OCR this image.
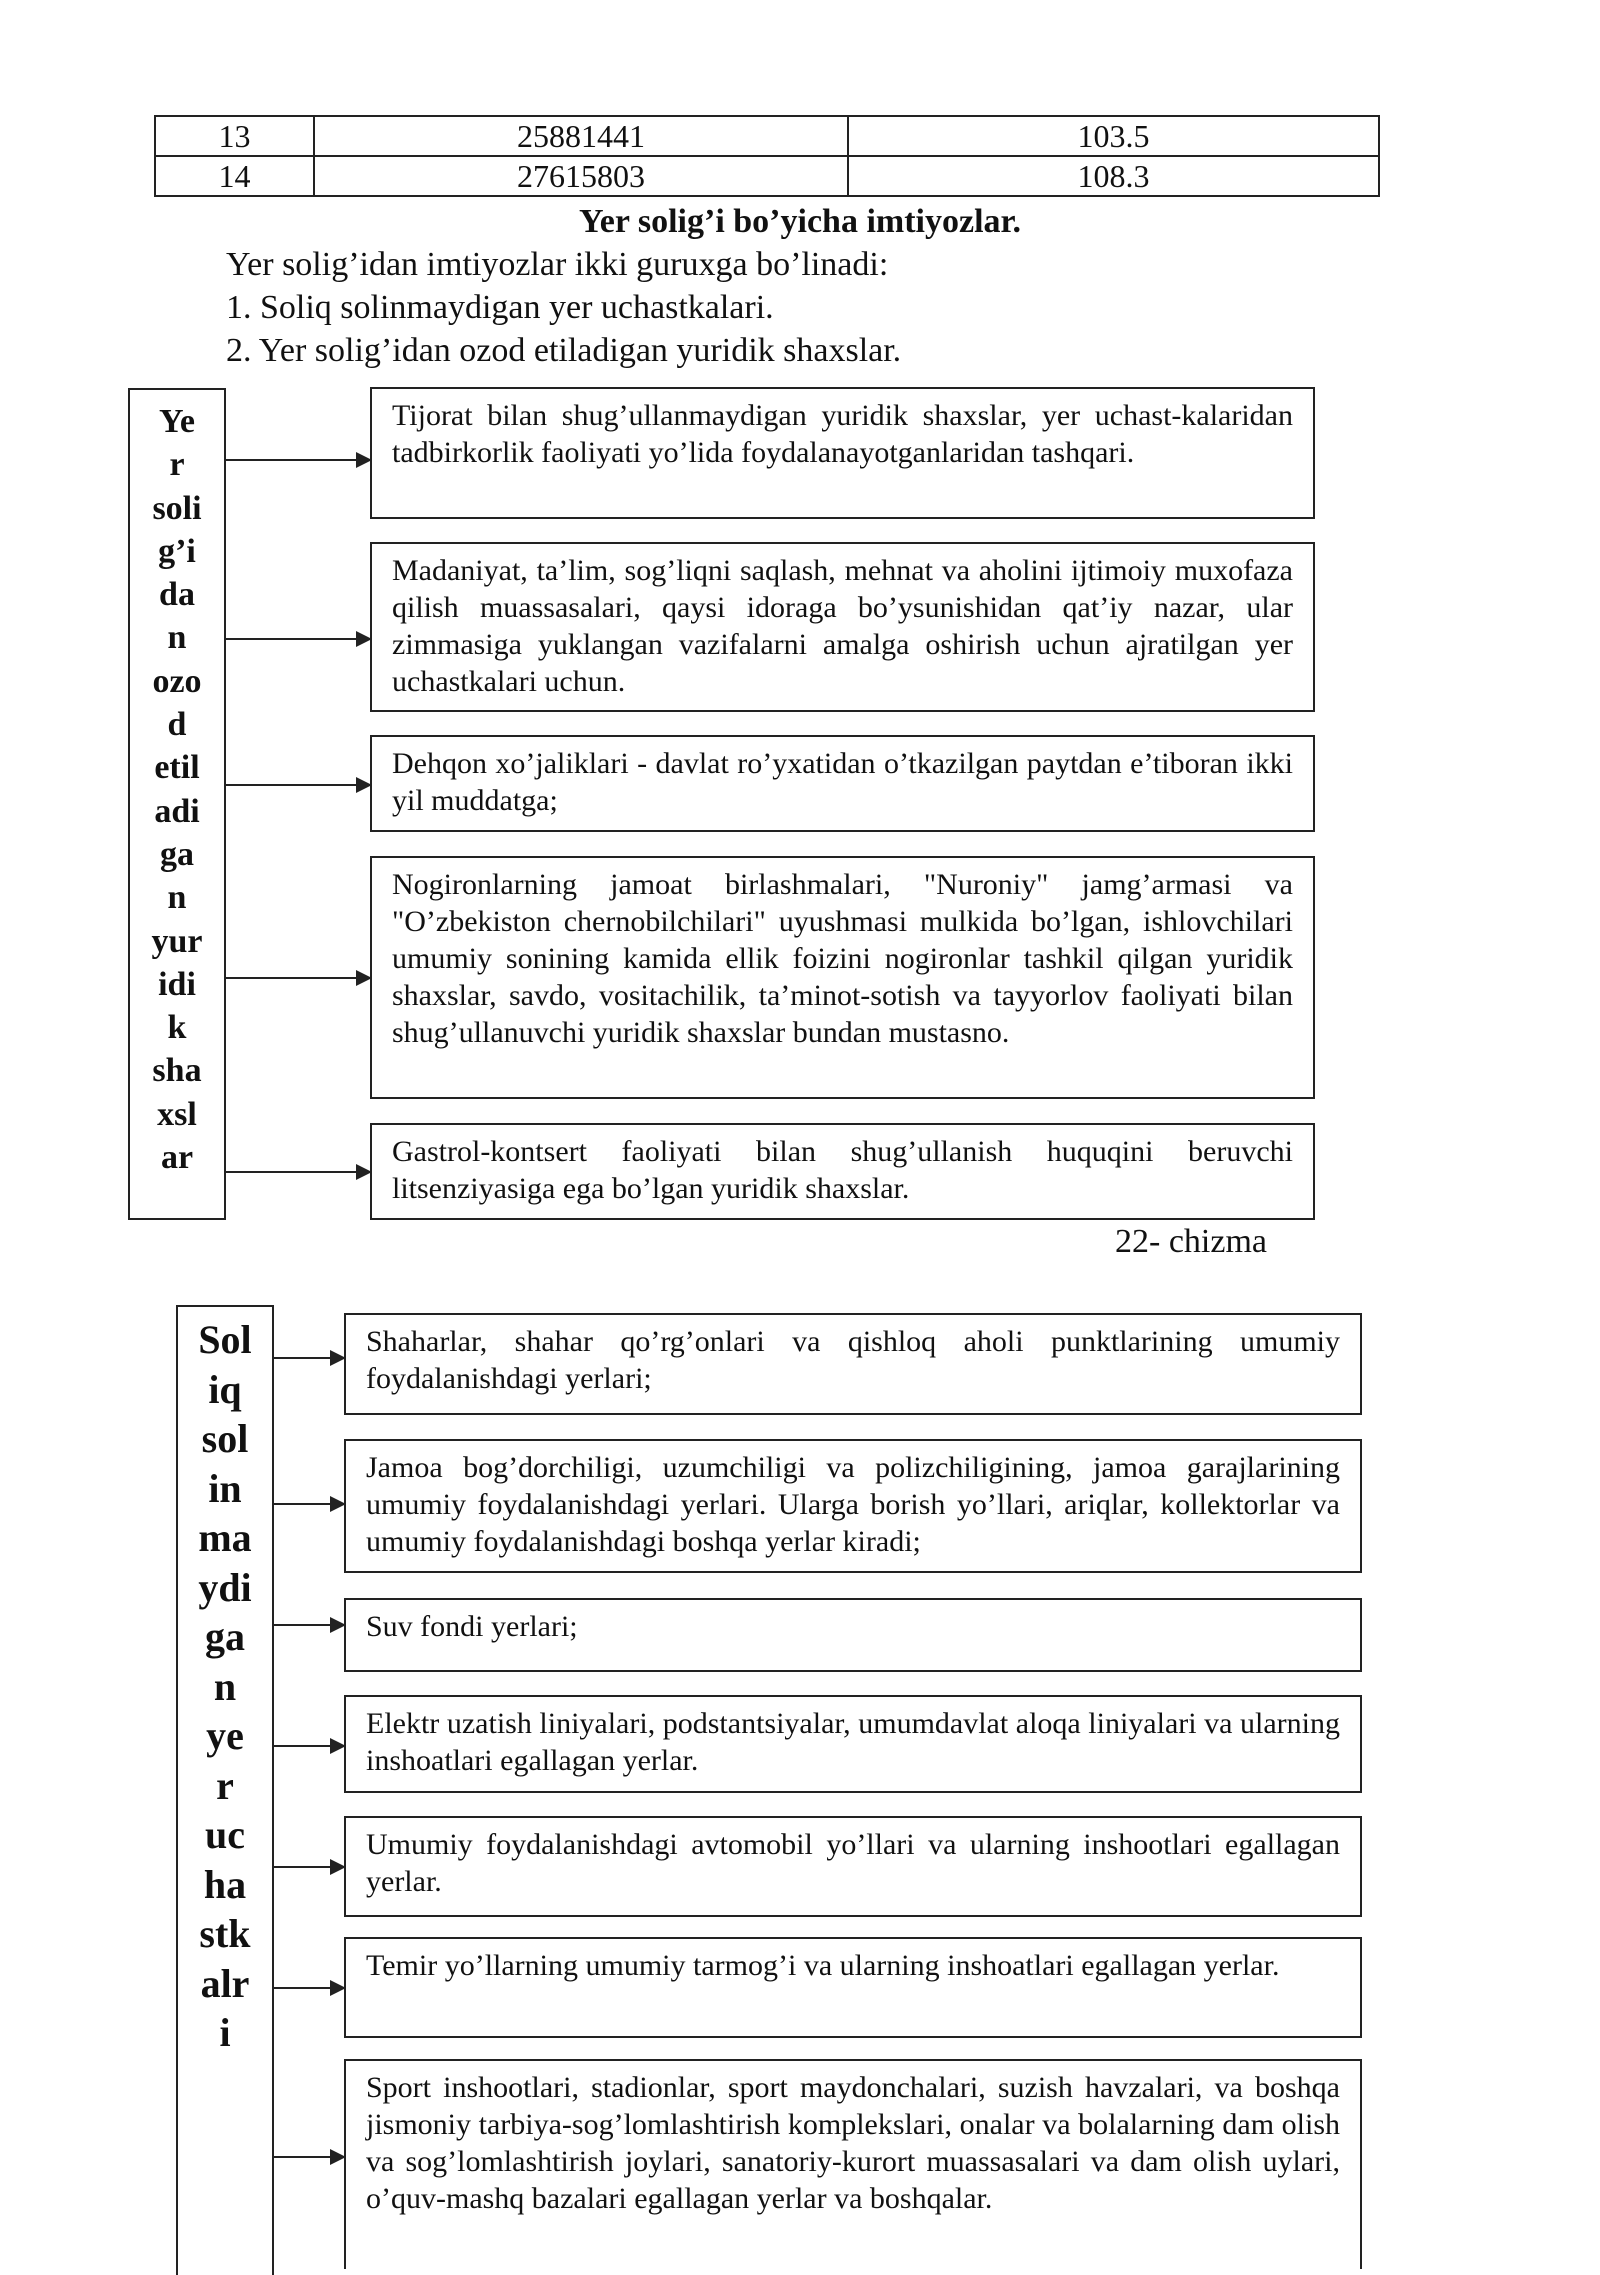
13	25881441	103.5
14	27615803	108.3
Yer solig’i bo’yicha imtiyozlar.
Yer solig’idan imtiyozlar ikki guruxga bo’linadi:
1. Soliq solinmaydigan yer uchastkalari.
2. Yer solig’idan ozod etiladigan yuridik shaxslar.
Ye
r
soli
g’i
da
n
ozo
d
etil
adi
ga
n
yur
idi
k
sha
xsl
ar
Tijorat bilan shug’ullanmaydigan yuridik shaxslar, yer uchast-kalaridan tadbirkorlik faoliyati yo’lida foydalanayotganlaridan tashqari.
Madaniyat, ta’lim, sog’liqni saqlash, mehnat va aholini ijtimoiy muxofaza qilish muassasalari, qaysi idoraga bo’ysunishidan qat’iy nazar, ular zimmasiga yuklangan vazifalarni amalga oshirish uchun ajratilgan yer uchastkalari uchun.
Dehqon xo’jaliklari - davlat ro’yxatidan o’tkazilgan paytdan e’tiboran ikki yil muddatga;
Nogironlarning jamoat birlashmalari, "Nuroniy" jamg’armasi va "O’zbekiston chernobilchilari" uyushmasi mulkida bo’lgan, ishlovchilari umumiy sonining kamida ellik foizini nogironlar tashkil qilgan yuridik shaxslar, savdo, vositachilik, ta’minot-sotish va tayyorlov faoliyati bilan shug’ullanuvchi yuridik shaxslar bundan mustasno.
Gastrol-kontsert faoliyati bilan shug’ullanish huquqini beruvchi litsenziyasiga ega bo’lgan yuridik shaxslar.
22- chizma
Sol
iq
sol
in
ma
ydi
ga
n
ye
r
uc
ha
stk
alr
i
Shaharlar, shahar qo’rg’onlari va qishloq aholi punktlarining umumiy foydalanishdagi yerlari;
Jamoa bog’dorchiligi, uzumchiligi va polizchiligining, jamoa garajlarining umumiy foydalanishdagi yerlari. Ularga borish yo’llari, ariqlar, kollektorlar va umumiy foydalanishdagi boshqa yerlar kiradi;
Suv fondi yerlari;
Elektr uzatish liniyalari, podstantsiyalar, umumdavlat aloqa liniyalari va ularning inshoatlari egallagan yerlar.
Umumiy foydalanishdagi avtomobil yo’llari va ularning inshootlari egallagan yerlar.
Temir yo’llarning umumiy tarmog’i va ularning inshoatlari egallagan yerlar.
Sport inshootlari, stadionlar, sport maydonchalari, suzish havzalari, va boshqa jismoniy tarbiya-sog’lomlashtirish komplekslari, onalar va bolalarning dam olish va sog’lomlashtirish joylari, sanatoriy-kurort muassasalari va dam olish uylari, o’quv-mashq bazalari egallagan yerlar va boshqalar.
